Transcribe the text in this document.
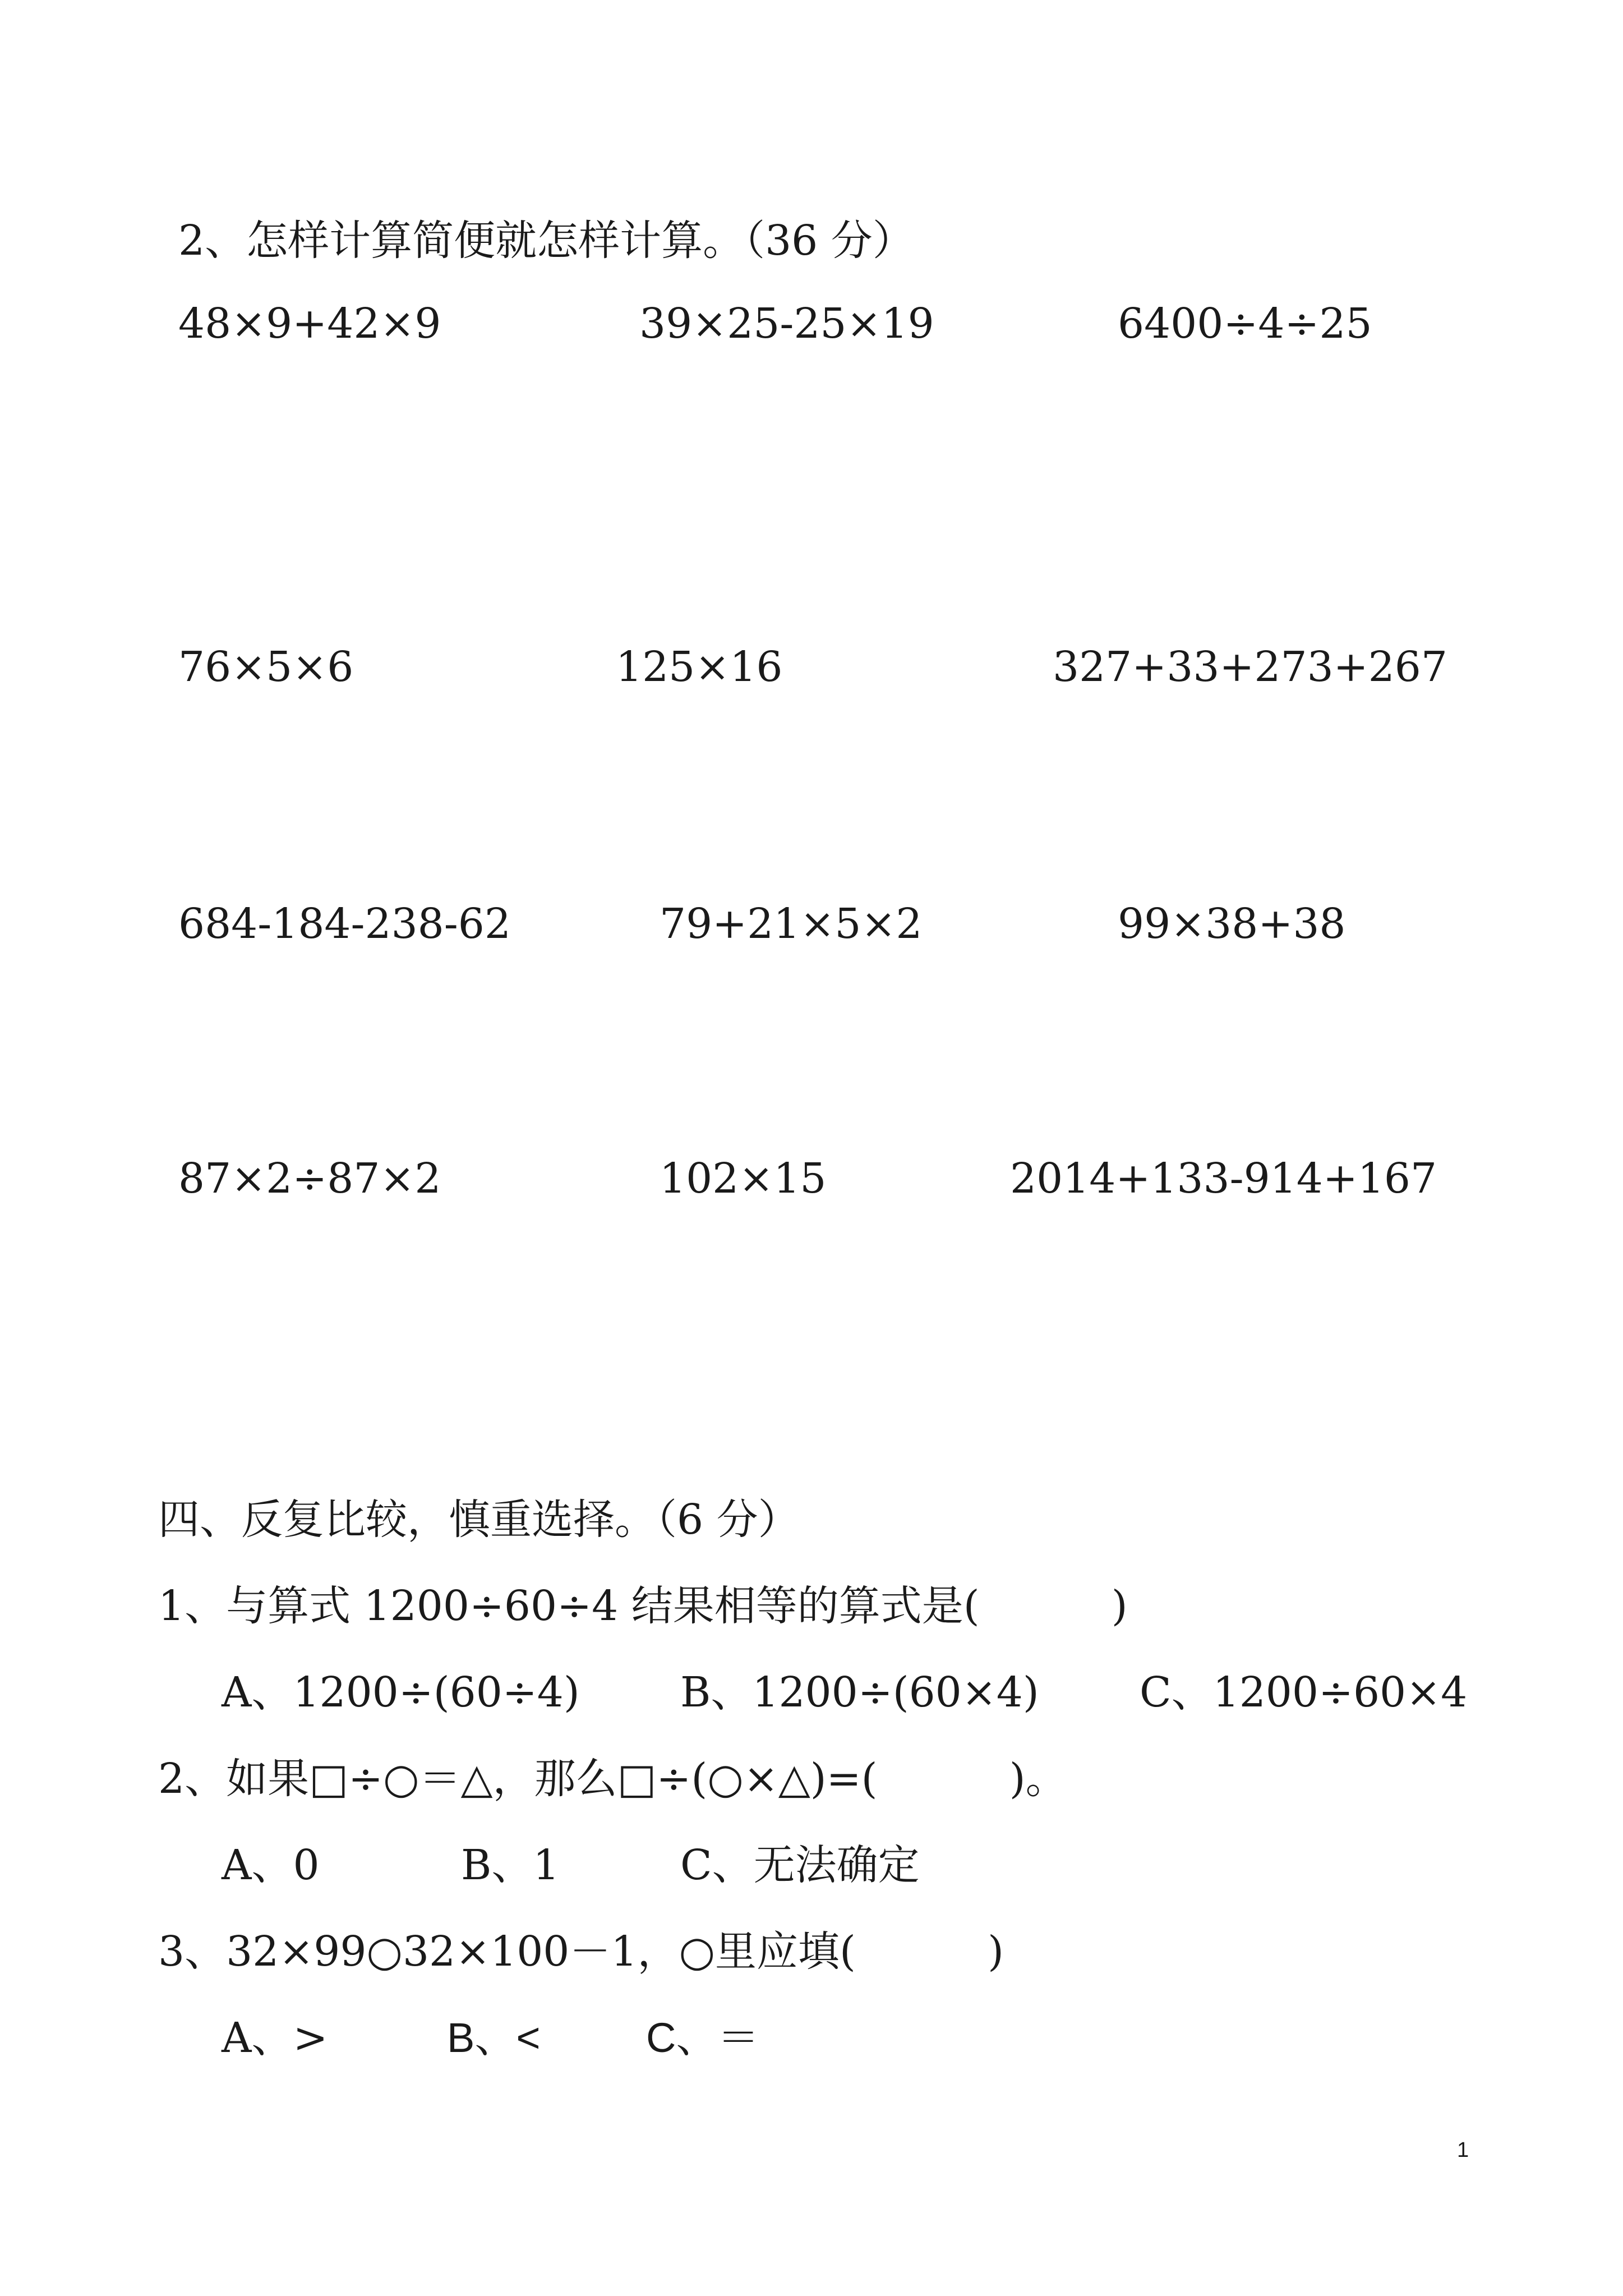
2、怎样计算简便就怎样计算。（36 分）
48×9+42×9	39×25-25×19	6400÷4÷25
76×5×6	125×16	327+33+273+267
684-184-238-62	79+21×5×2	99×38+38
87×2÷87×2	102×15	2014+133-914+167
四、反复比较，慎重选择。（6 分）
1、与算式 1200÷60÷4 结果相等的算式是(          )
A、1200÷(60÷4) B、1200÷(60×4) C、1200÷60×4
2、如果□÷○＝△，那么□÷(○×△)=(          )。
A、0	B、1	C、无法确定
3、32×99○32×100－1，○里应填(          )
A、>	B、<	C、＝
1
